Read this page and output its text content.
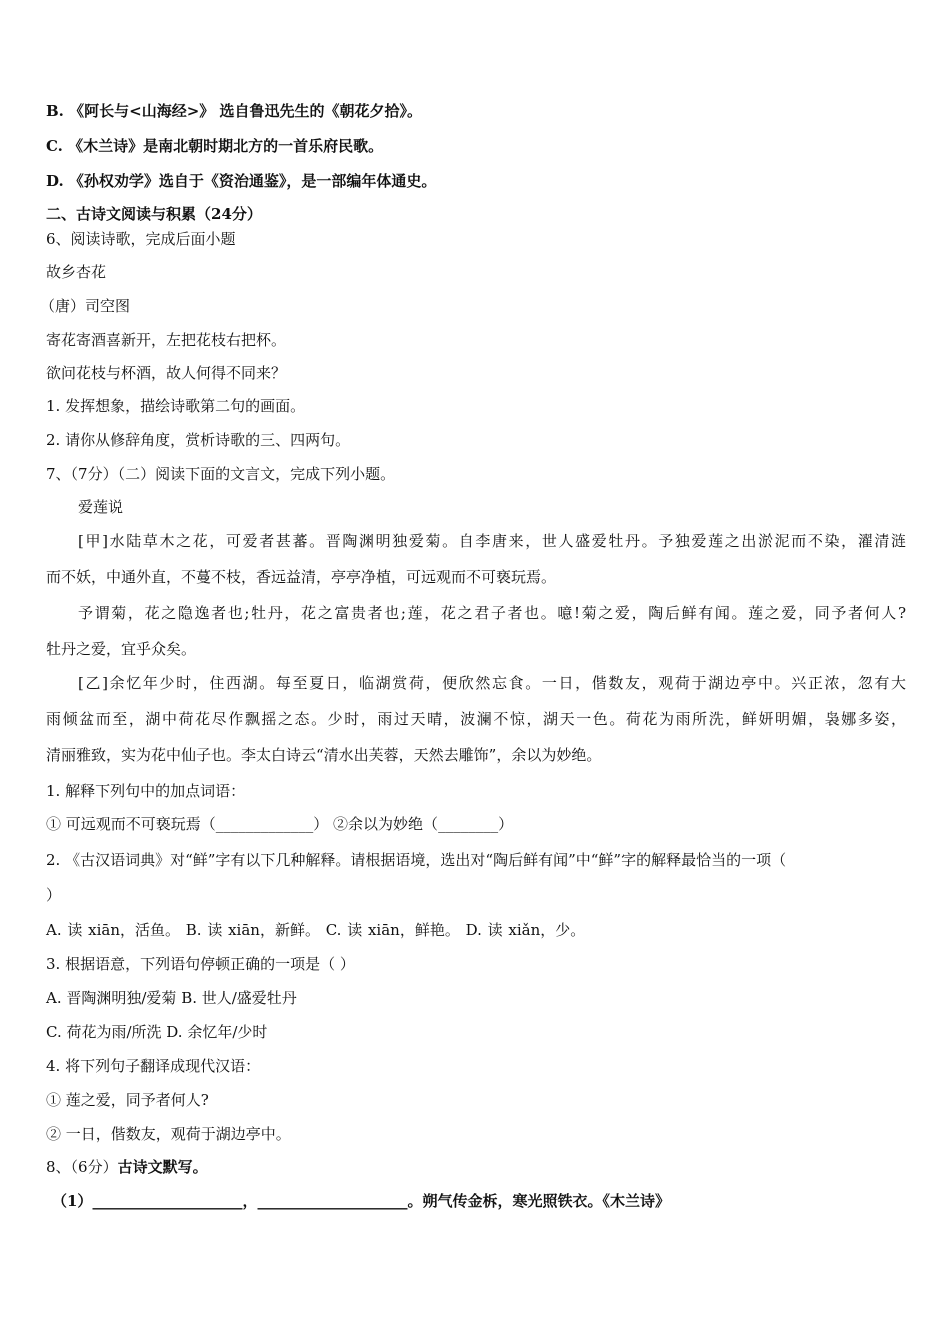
B. 《阿长与<山海经>》 选自鲁迅先生的《朝花夕拾》。
C. 《木兰诗》是南北朝时期北方的一首乐府民歌。
D. 《孙权劝学》选自于《资治通鉴》，是一部编年体通史。
二、古诗文阅读与积累（24分）
6、阅读诗歌，完成后面小题
故乡杏花
（唐）司空图
寄花寄酒喜新开，左把花枝右把杯。
欲问花枝与杯酒，故人何得不同来？
1. 发挥想象，描绘诗歌第二句的画面。
2. 请你从修辞角度，赏析诗歌的三、四两句。
7、（7分）（二）阅读下面的文言文，完成下列小题。
爱莲说
[甲]水陆草木之花，可爱者甚蕃。晋陶渊明独爱菊。自李唐来，世人盛爱牡丹。予独爱莲之出淤泥而不染，濯清涟
而不妖，中通外直，不蔓不枝，香远益清，亭亭净植，可远观而不可亵玩焉。
予谓菊，花之隐逸者也;牡丹，花之富贵者也;莲，花之君子者也。噫!菊之爱，陶后鲜有闻。莲之爱，同予者何人?
牡丹之爱，宜乎众矣。
[乙]余忆年少时，住西湖。每至夏日，临湖赏荷，便欣然忘食。一日，偕数友，观荷于湖边亭中。兴正浓，忽有大
雨倾盆而至，湖中荷花尽作飘摇之态。少时，雨过天晴，波澜不惊，湖天一色。荷花为雨所洗，鲜妍明媚，袅娜多姿，
清丽雅致，实为花中仙子也。李太白诗云“清水出芙蓉，天然去雕饰”，余以为妙绝。
1. 解释下列句中的加点词语：
① 可远观而不可亵玩焉（_____________） ②余以为妙绝（________）
2. 《古汉语词典》对“鲜”字有以下几种解释。请根据语境，选出对“陶后鲜有闻”中“鲜”字的解释最恰当的一项（
）
A. 读 xiān，活鱼。 B. 读 xiān，新鲜。 C. 读 xiān，鲜艳。 D. 读 xiǎn，少。
3. 根据语意，下列语句停顿正确的一项是（ ）
A. 晋陶渊明独/爱菊 B. 世人/盛爱牡丹
C. 荷花为雨/所洗 D. 余忆年/少时
4. 将下列句子翻译成现代汉语：
① 莲之爱，同予者何人?
② 一日，偕数友，观荷于湖边亭中。
8、（6分）古诗文默写。
（1）____________________，____________________。朔气传金柝，寒光照铁衣。《木兰诗》
